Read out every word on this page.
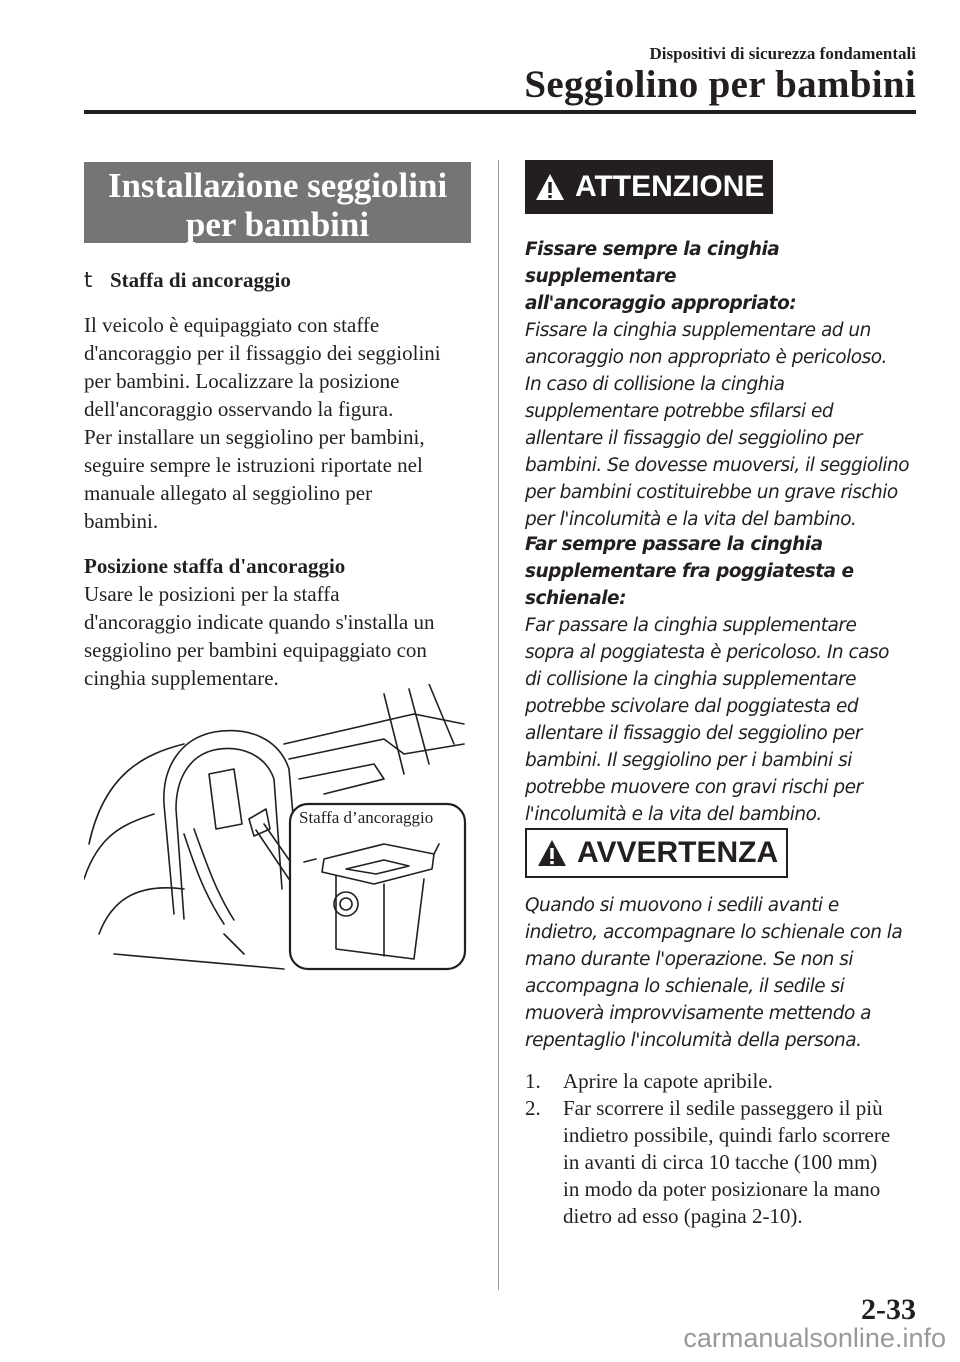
Dispositivi di sicurezza fondamentali
Seggiolino per bambini
Installazione seggiolini per bambini
t Staffa di ancoraggio

Il veicolo è equipaggiato con staffe

d'ancoraggio per il fissaggio dei seggiolini

per bambini. Localizzare la posizione

dell'ancoraggio osservando la figura.

Per installare un seggiolino per bambini,

seguire sempre le istruzioni riportate nel

manuale allegato al seggiolino per

bambini.

Posizione staffa d'ancoraggio

Usare le posizioni per la staffa

d'ancoraggio indicate quando s'installa un

seggiolino per bambini equipaggiato con

cinghia supplementare.

Staffa d’ancoraggio
ATTENZIONE

Fissare sempre la cinghia supplementare

all'ancoraggio appropriato:

Fissare la cinghia supplementare ad un

ancoraggio non appropriato è pericoloso.

In caso di collisione la cinghia

supplementare potrebbe sfilarsi ed

allentare il fissaggio del seggiolino per

bambini. Se dovesse muoversi, il seggiolino

per bambini costituirebbe un grave rischio

per l'incolumità e la vita del bambino.

Far sempre passare la cinghia

supplementare fra poggiatesta e schienale:

Far passare la cinghia supplementare

sopra al poggiatesta è pericoloso. In caso

di collisione la cinghia supplementare

potrebbe scivolare dal poggiatesta ed

allentare il fissaggio del seggiolino per

bambini. Il seggiolino per i bambini si

potrebbe muovere con gravi rischi per

l'incolumità e la vita del bambino.

AVVERTENZA

Quando si muovono i sedili avanti e

indietro, accompagnare lo schienale con la

mano durante l'operazione. Se non si

accompagna lo schienale, il sedile si

muoverà improvvisamente mettendo a

repentaglio l'incolumità della persona.

1.	Aprire la capote apribile.
2.	Far scorrere il sedile passeggero il più
indietro possibile, quindi farlo scorrere
in avanti di circa 10 tacche (100 mm)
in modo da poter posizionare la mano
dietro ad esso (pagina 2-10).
2-33
carmanualsonline.info
